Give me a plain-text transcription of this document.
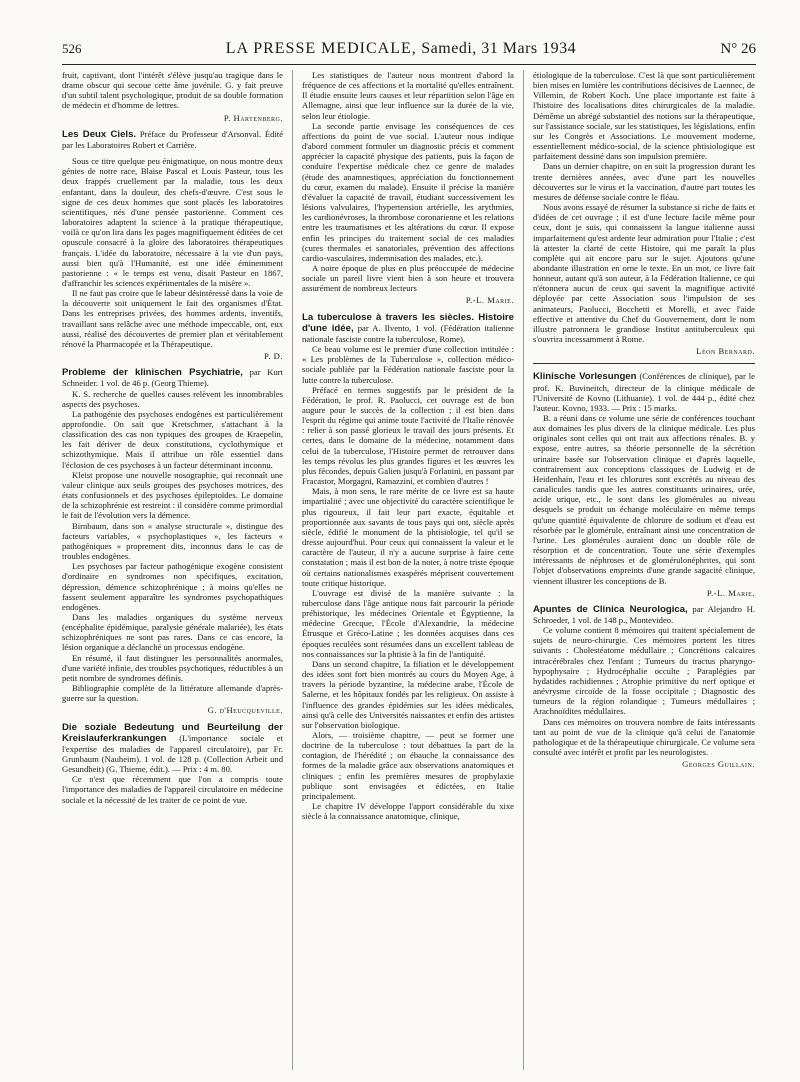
526	LA PRESSE MEDICALE, Samedi, 31 Mars 1934	N° 26

fruit, captivant, dont l'intérêt s'élève jusqu'au tragique dans le drame obscur qui secoue cette âme juvénile. G. y fait preuve d'un subtil talent psychologique, produit de sa double formation de médecin et d'homme de lettres.

P. Hartenberg.

Les Deux Ciels. Préface du Professeur d'Arsonval. Édité par les Laboratoires Robert et Carrière.

Sous ce titre quelque peu énigmatique, on nous montre deux génies de notre race, Blaise Pascal et Louis Pasteur, tous les deux frappés cruellement par la maladie, tous les deux enfantant, dans la douleur, des chefs-d'œuvre. C'est sous le signe de ces deux hommes que sont placés les laboratoires scientifiques, nés d'une pensée pastorienne. Comment ces laboratoires adaptent la science à la pratique thérapeutique, voilà ce qu'on lira dans les pages magnifiquement éditées de cet opuscule consacré à la gloire des laboratoires thérapeutiques français. L'idée du laboratoire, nécessaire à la vie d'un pays, aussi bien qu'à l'Humanité, est une idée éminemment pastorienne : « le temps est venu, disait Pasteur en 1867, d'affranchir les sciences expérimentales de la misère ».

Il ne faut pas croire que le labeur désintéressé dans la voie de la découverte soit uniquement le fait des organismes d'État. Dans les entreprises privées, des hommes ardents, inventifs, travaillant sans relâche avec une méthode impeccable, ont, eux aussi, réalisé des découvertes de premier plan et véritablement rénové la Pharmacopée et la Thérapeutique.

P. D.

Probleme der klinischen Psychiatrie, par Kurt Schneider. 1 vol. de 46 p. (Georg Thieme).

K. S. recherche de quelles causes relèvent les innombrables aspects des psychoses.

La pathogénie des psychoses endogènes est particulièrement approfondie. On sait que Kretschmer, s'attachant à la classification des cas non typiques des groupes de Kraepelin, les fait dériver de deux constitutions, cyclothymique et schizothymique. Mais il attribue un rôle essentiel dans l'éclosion de ces psychoses à un facteur déterminant inconnu.

Kleist propose une nouvelle nosographie, qui reconnaît une valeur clinique aux seuls groupes des psychoses motrices, des états confusionnels et des psychoses épileptoïdes. Le domaine de la schizophrénie est restreint : il considère comme primordial le fait de l'évolution vers la démence.

Birnbaum, dans son « analyse structurale », distingue des facteurs variables, « psychoplastiques », les facteurs « pathogéniques » proprement dits, inconnus dans le cas de troubles endogènes.

Les psychoses par facteur pathogénique exogène consistent d'ordinaire en syndromes non spécifiques, excitation, dépression, démence schizophrénique ; à moins qu'elles ne fassent seulement apparaître les syndromes psychopathiques endogènes.

Dans les maladies organiques du système nerveux (encéphalite épidémique, paralysie générale malariée), les états schizophréniques ne sont pas rares. Dans ce cas encore, la lésion organique a déclanché un processus endogène.

En résumé, il faut distinguer les personnalités anormales, d'une variété infinie, des troubles psychotiques, réductibles à un petit nombre de syndromes définis.

Bibliographie complète de la littérature allemande d'après-guerre sur la question.

G. d'Heucqueville.

Die soziale Bedeutung und Beurteilung der Kreislauferkrankungen (L'importance sociale et l'expertise des maladies de l'appareil circulatoire), par Fr. Grunbaum (Nauheim). 1 vol. de 128 p. (Collection Arbeit und Gesundheit) (G. Thieme, édit.). — Prix : 4 m. 80.

Ce n'est que récemment que l'on a compris toute l'importance des maladies de l'appareil circulatoire en médecine sociale et la nécessité de les traiter de ce point de vue.

Les statistiques de l'auteur nous montrent d'abord la fréquence de ces affections et la mortalité qu'elles entraînent. Il étudie ensuite leurs causes et leur répartition selon l'âge en Allemagne, ainsi que leur influence sur la durée de la vie, selon leur étiologie.

La seconde partie envisage les conséquences de ces affections du point de vue social. L'auteur nous indique d'abord comment formuler un diagnostic précis et comment apprécier la capacité physique des patients, puis la façon de conduire l'expertise médicale chez ce genre de malades (étude des anamnestiques, appréciation du fonctionnement du cœur, examen du malade). Ensuite il précise la manière d'évaluer la capacité de travail, étudiant successivement les lésions valvulaires, l'hypertension artérielle, les arythmies, les cardionévroses, la thrombose coronarienne et les relations entre les traumatismes et les altérations du cœur. Il expose enfin les principes du traitement social de ces maladies (cures thermales et sanatoriales, prévention des affections cardio-vasculaires, indemnisation des malades, etc.).

A notre époque de plus en plus préoccupée de médecine sociale un pareil livre vient bien à son heure et trouvera assurément de nombreux lecteurs

P.-L. Marie.

La tuberculose à travers les siècles. Histoire d'une idée, par A. Ilvento, 1 vol. (Fédération italienne nationale fasciste contre la tuberculose, Rome).

Ce beau volume est le premier d'une collection intitulée : « Les problèmes de la Tuberculose », collection médico-sociale publiée par la Fédération nationale fasciste pour la lutte contre la tuberculose.

Préfacé en termes suggestifs par le président de la Fédération, le prof. R. Paolucci, cet ouvrage est de bon augure pour le succès de la collection ; il est bien dans l'esprit du régime qui anime toute l'activité de l'Italie rénovée : relier à son passé glorieux le travail des jours présents. Et certes, dans le domaine de la médecine, notamment dans celui de la tuberculose, l'Histoire permet de retrouver dans les temps révolus les plus grandes figures et les œuvres les plus fécondes, depuis Galien jusqu'à Forlanini, en passant par Fracastor, Morgagni, Ramazzini, et combien d'autres !

Mais, à mon sens, le rare mérite de ce livre est sa haute impartialité ; avec une objectivité du caractère scientifique le plus rigoureux, il fait leur part exacte, équitable et proportionnée aux savants de tous pays qui ont, siècle après siècle, édifié le monument de la phtisiologie, tel qu'il se dresse aujourd'hui. Pour ceux qui connaissent la valeur et le caractère de l'auteur, il n'y a aucune surprise à faire cette constatation ; mais il est bon de la noter, à notre triste époque où certains nationalismes exaspérés méprisent couvertement toute critique historique.

L'ouvrage est divisé de la manière suivante : la tuberculose dans l'âge antique nous fait parcourir la période préhistorique, les médecines Orientale et Égyptienne, la médecine Grecque, l'École d'Alexandrie, la médecine Étrusque et Gréco-Latine ; les données acquises dans ces époques reculées sont résumées dans un excellent tableau de nos connaissances sur la phtisie à la fin de l'antiquité.

Dans un second chapitre, la filiation et le développement des idées sont fort bien montrés au cours du Moyen Age, à travers la période byzantine, la médecine arabe, l'École de Salerne, et les hôpitaux fondés par les religieux. On assiste à l'influence des grandes épidémies sur les idées médicales, ainsi qu'à celle des Universités naissantes et enfin des artistes sur l'observation biologique.

Alors, — troisième chapitre, — peut se former une doctrine de la tuberculose : tout débattues la part de la contagion, de l'hérédité ; on ébauche la connaissance des formes de la maladie grâce aux observations anatomiques et cliniques ; enfin les premières mesures de prophylaxie publique sont envisagées et édictées, en Italie principalement.

Le chapitre IV développe l'apport considérable du xixe siècle à la connaissance anatomique, clinique,

étiologique de la tuberculose. C'est là que sont particulièrement bien mises en lumière les contributions décisives de Laennec, de Villemin, de Robert Koch. Une place importante est faite à l'histoire des localisations dites chirurgicales de la maladie. Démême un abrégé substantiel des notions sur la thérapeutique, sur l'assistance sociale, sur les statistiques, les législations, enfin sur les Congrès et Associations. Le mouvement moderne, essentiellement médico-social, de la science phtisiologique est parfaitement dessiné dans son impulsion première.

Dans un dernier chapitre, on en suit la progression durant les trente dernières années, avec d'une part les nouvelles découvertes sur le virus et la vaccination, d'autre part toutes les mesures de défense sociale contre le fléau.

Nous avons essayé de résumer la substance si riche de faits et d'idées de cet ouvrage ; il est d'une lecture facile même pour ceux, dont je suis, qui connaissent la langue italienne aussi imparfaitement qu'est ardente leur admiration pour l'Italie ; c'est là attester la clarté de cette Histoire, qui me paraît la plus complète qui ait encore paru sur le sujet. Ajoutons qu'une abondante illustration en orne le texte. En un mot, ce livre fait honneur, autant qu'à son auteur, à la Fédération Italienne, ce qui n'étonnera aucun de ceux qui savent la magnifique activité déployée par cette Association sous l'impulsion de ses animateurs, Paolucci, Bocchetti et Morelli, et avec l'aide effective et attentive du Chef du Gouvernement, dont le nom illustre patronnera le grandiose Institut antituberculeux qui s'ouvrira incessamment à Rome.

Léon Bernard.

Klinische Vorlesungen (Conférences de clinique), par le prof. K. Buvineitch, directeur de la clinique médicale de l'Université de Kovno (Lithuanie). 1 vol. de 444 p., édité chez l'auteur. Kovno, 1933. — Prix : 15 marks.

B. a réuni dans ce volume une série de conférences touchant aux domaines les plus divers de la clinique médicale. Les plus originales sont celles qui ont trait aux affections rénales. B. y expose, entre autres, sa théorie personnelle de la sécrétion urinaire basée sur l'observation clinique et d'après laquelle, contrairement aux conceptions classiques de Ludwig et de Heidenhain, l'eau et les chlorures sont excrétés au niveau des canalicules tandis que les autres constituants urinaires, urée, acide urique, etc., le sont dans les glomérules au niveau desquels se produit un échange moléculaire en même temps qu'une quantité équivalente de chlorure de sodium et d'eau est résorbée par le glomérule, entraînant ainsi une concentration de l'urine. Les glomérules auraient donc un double rôle de résorption et de concentration. Toute une série d'exemples intéressants de néphroses et de glomérulonéphrites, qui sont l'objet d'observations empreints d'une grande sagacité clinique, viennent illustrer les conceptions de B.

P.-L. Marie.

Apuntes de Clinica Neurologica, par Alejandro H. Schroeder, 1 vol. de 148 p., Montevideo.

Ce volume contient 8 mémoires qui traitent spécialement de sujets de neuro-chirurgie. Ces mémoires portent les titres suivants : Cholestéatome médullaire ; Concrétions calcaires intracérébrales chez l'enfant ; Tumeurs du tractus pharyngo-hypophysaire ; Hydrocéphalie occulte ; Paraplégies par hydatides rachidiennes ; Atrophie primitive du nerf optique et anévrysme circoïde de la fosse occipitale ; Diagnostic des tumeurs de la région rolandique ; Tumeurs médullaires ; Arachnoïdites médullaires.

Dans ces mémoires on trouvera nombre de faits intéressants tant au point de vue de la clinique qu'à celui de l'anatomie pathologique et de la thérapeutique chirurgicale. Ce volume sera consulté avec intérêt et profit par les neurologistes.

Georges Guillain.
